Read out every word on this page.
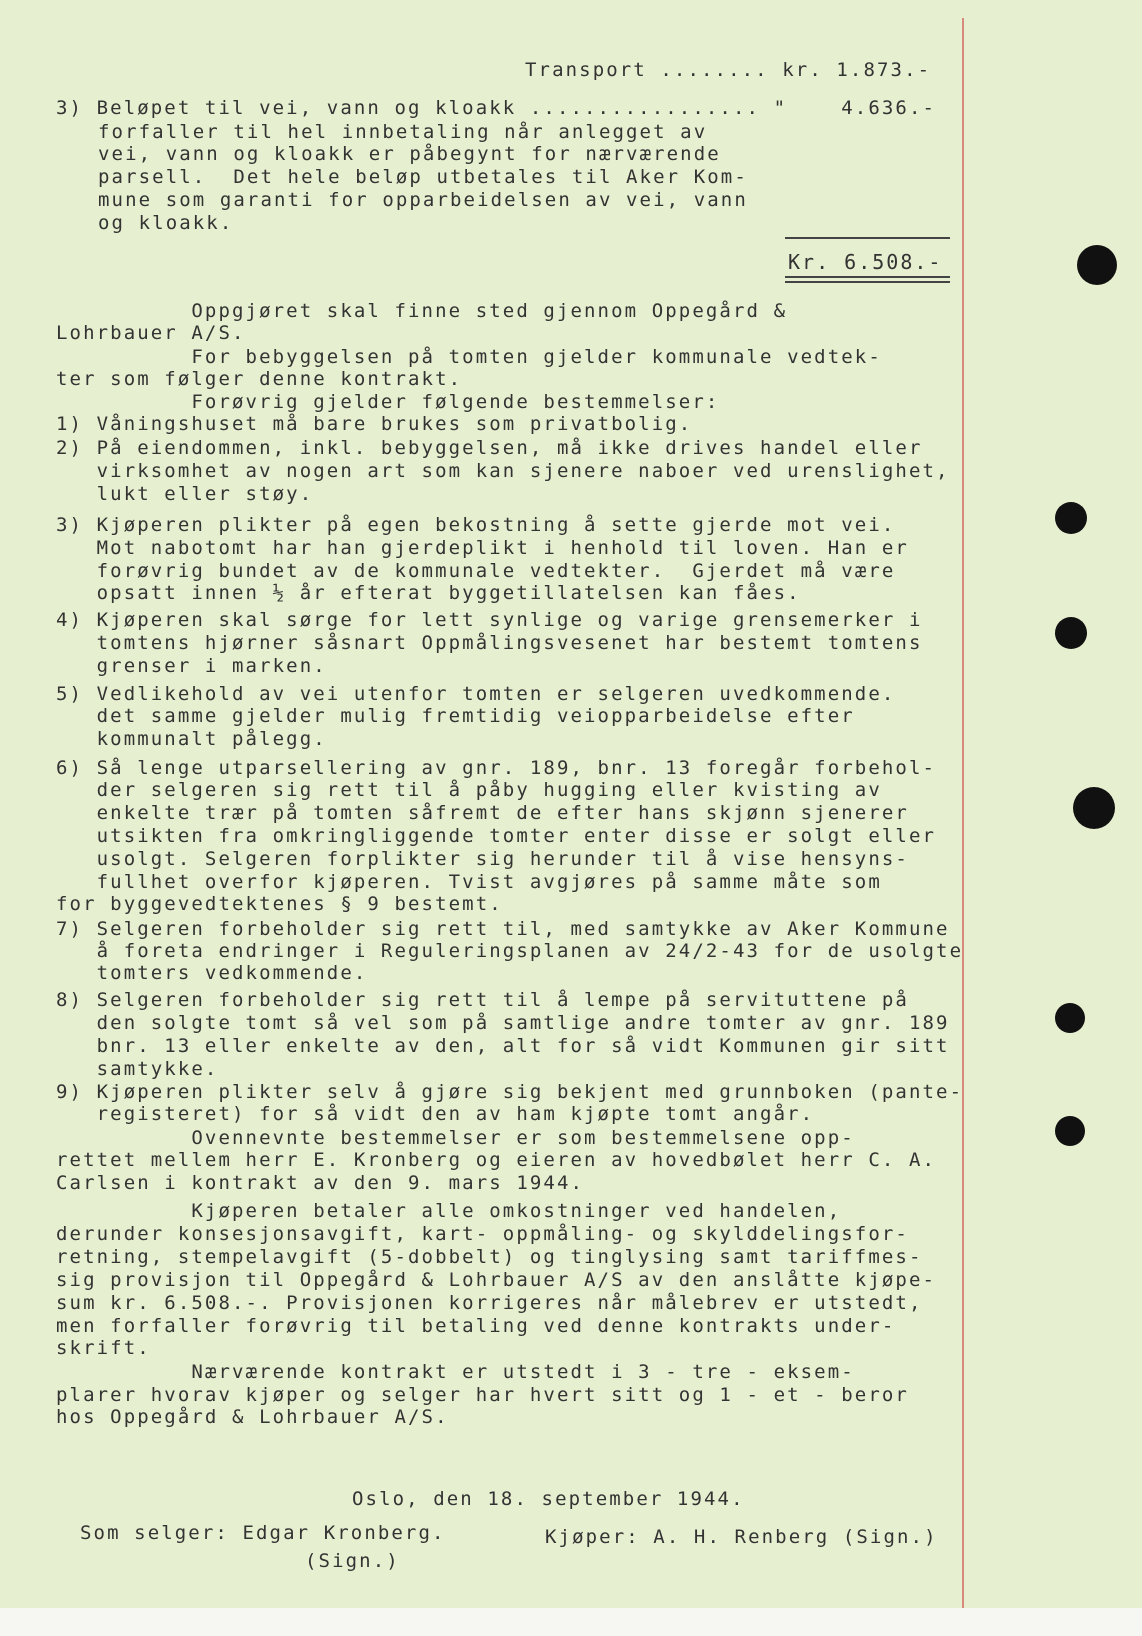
Transport ........ kr. 1.873.-
3) Beløpet til vei, vann og kloakk ................. "    4.636.-
forfaller til hel innbetaling når anlegget av
vei, vann og kloakk er påbegynt for nærværende
parsell.  Det hele beløp utbetales til Aker Kom-
mune som garanti for opparbeidelsen av vei, vann
og kloakk.
Kr. 6.508.-
Oppgjøret skal finne sted gjennom Oppegård &
Lohrbauer A/S.
For bebyggelsen på tomten gjelder kommunale vedtek-
ter som følger denne kontrakt.
Forøvrig gjelder følgende bestemmelser:
1) Våningshuset må bare brukes som privatbolig.
2) På eiendommen, inkl. bebyggelsen, må ikke drives handel eller
virksomhet av nogen art som kan sjenere naboer ved urenslighet,
lukt eller støy.
3) Kjøperen plikter på egen bekostning å sette gjerde mot vei.
Mot nabotomt har han gjerdeplikt i henhold til loven. Han er
forøvrig bundet av de kommunale vedtekter.  Gjerdet må være
opsatt innen ½ år efterat byggetillatelsen kan fåes.
4) Kjøperen skal sørge for lett synlige og varige grensemerker i
tomtens hjørner såsnart Oppmålingsvesenet har bestemt tomtens
grenser i marken.
5) Vedlikehold av vei utenfor tomten er selgeren uvedkommende.
det samme gjelder mulig fremtidig veiopparbeidelse efter
kommunalt pålegg.
6) Så lenge utparsellering av gnr. 189, bnr. 13 foregår forbehol-
der selgeren sig rett til å påby hugging eller kvisting av
enkelte trær på tomten såfremt de efter hans skjønn sjenerer
utsikten fra omkringliggende tomter enter disse er solgt eller
usolgt. Selgeren forplikter sig herunder til å vise hensyns-
fullhet overfor kjøperen. Tvist avgjøres på samme måte som
for byggevedtektenes § 9 bestemt.
7) Selgeren forbeholder sig rett til, med samtykke av Aker Kommune
å foreta endringer i Reguleringsplanen av 24/2-43 for de usolgte
tomters vedkommende.
8) Selgeren forbeholder sig rett til å lempe på servituttene på
den solgte tomt så vel som på samtlige andre tomter av gnr. 189
bnr. 13 eller enkelte av den, alt for så vidt Kommunen gir sitt
samtykke.
9) Kjøperen plikter selv å gjøre sig bekjent med grunnboken (pante-
registeret) for så vidt den av ham kjøpte tomt angår.
Ovennevnte bestemmelser er som bestemmelsene opp-
rettet mellem herr E. Kronberg og eieren av hovedbølet herr C. A.
Carlsen i kontrakt av den 9. mars 1944.
Kjøperen betaler alle omkostninger ved handelen,
derunder konsesjonsavgift, kart- oppmåling- og skylddelingsfor-
retning, stempelavgift (5-dobbelt) og tinglysing samt tariffmes-
sig provisjon til Oppegård & Lohrbauer A/S av den anslåtte kjøpe-
sum kr. 6.508.-. Provisjonen korrigeres når målebrev er utstedt,
men forfaller forøvrig til betaling ved denne kontrakts under-
skrift.
Nærværende kontrakt er utstedt i 3 - tre - eksem-
plarer hvorav kjøper og selger har hvert sitt og 1 - et - beror
hos Oppegård & Lohrbauer A/S.
Oslo, den 18. september 1944.
Som selger: Edgar Kronberg.
(Sign.)
Kjøper: A. H. Renberg (Sign.)
